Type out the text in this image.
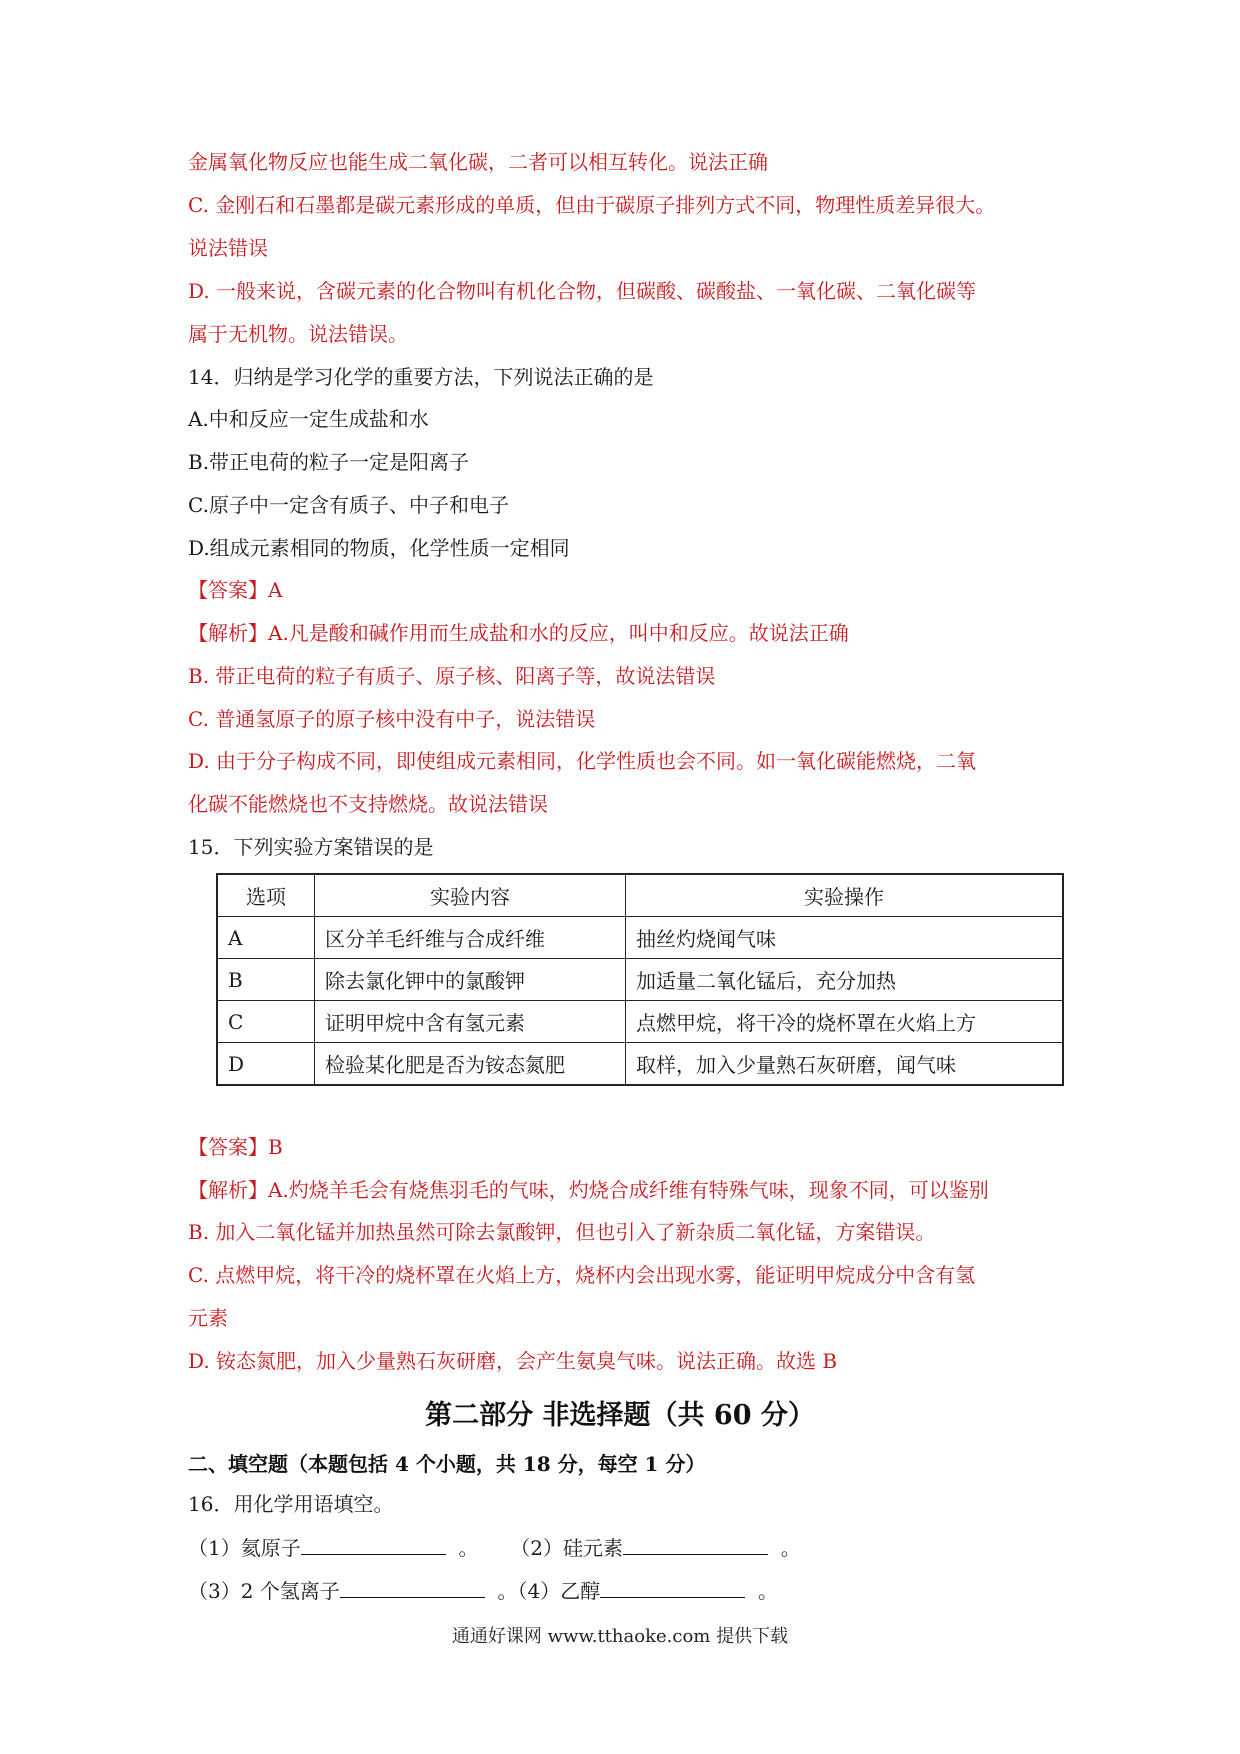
金属氧化物反应也能生成二氧化碳，二者可以相互转化。说法正确
C. 金刚石和石墨都是碳元素形成的单质，但由于碳原子排列方式不同，物理性质差异很大。
说法错误
D. 一般来说，含碳元素的化合物叫有机化合物，但碳酸、碳酸盐、一氧化碳、二氧化碳等
属于无机物。说法错误。
14．归纳是学习化学的重要方法，下列说法正确的是
A.中和反应一定生成盐和水
B.带正电荷的粒子一定是阳离子
C.原子中一定含有质子、中子和电子
D.组成元素相同的物质，化学性质一定相同
【答案】A
【解析】A.凡是酸和碱作用而生成盐和水的反应，叫中和反应。故说法正确
B. 带正电荷的粒子有质子、原子核、阳离子等，故说法错误
C. 普通氢原子的原子核中没有中子，说法错误
D. 由于分子构成不同，即使组成元素相同，化学性质也会不同。如一氧化碳能燃烧，二氧
化碳不能燃烧也不支持燃烧。故说法错误
15．下列实验方案错误的是
选项	实验内容	实验操作
A	区分羊毛纤维与合成纤维	抽丝灼烧闻气味
B	除去氯化钾中的氯酸钾	加适量二氧化锰后，充分加热
C	证明甲烷中含有氢元素	点燃甲烷，将干冷的烧杯罩在火焰上方
D	检验某化肥是否为铵态氮肥	取样，加入少量熟石灰研磨，闻气味
【答案】B
【解析】A.灼烧羊毛会有烧焦羽毛的气味，灼烧合成纤维有特殊气味，现象不同，可以鉴别
B. 加入二氧化锰并加热虽然可除去氯酸钾，但也引入了新杂质二氧化锰，方案错误。
C. 点燃甲烷，将干冷的烧杯罩在火焰上方，烧杯内会出现水雾，能证明甲烷成分中含有氢
元素
D. 铵态氮肥，加入少量熟石灰研磨，会产生氨臭气味。说法正确。故选 B
第二部分 非选择题（共 60 分）
二、填空题（本题包括 4 个小题，共 18 分，每空 1 分）
16．用化学用语填空。
（1）氦原子	。 （2）硅元素	。
（3）2 个氢离子	。（4）乙醇	。
通通好课网 www.tthaoke.com 提供下载
